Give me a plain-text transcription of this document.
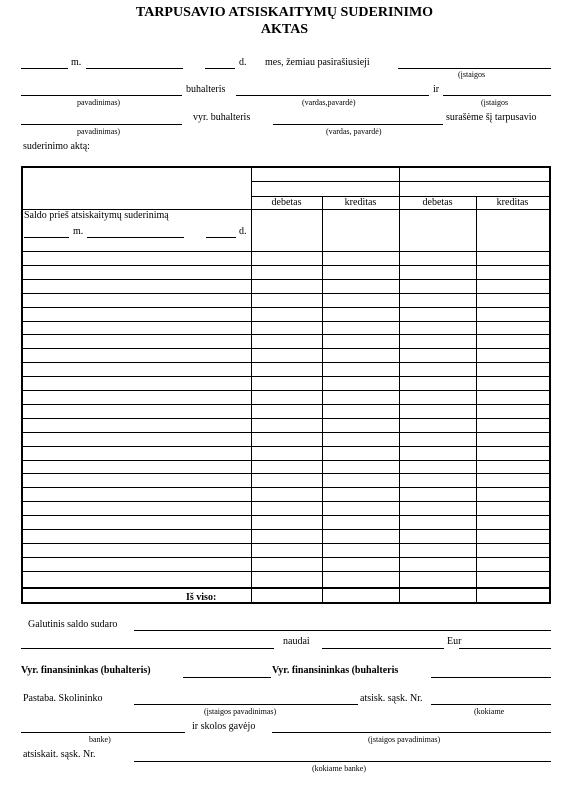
TARPUSAVIO ATSISKAITYMŲ SUDERINIMO
AKTAS
m.	d. mes, žemiau pasirašiusieji
(įstaigos
buhalteris	ir
pavadinimas)	(vardas,pavardė)	(įstaigos
vyr. buhalteris	surašėme šį tarpusavio
pavadinimas)	(vardas, pavardė)
suderinimo aktą:
debetas	kreditas	debetas	kreditas
Saldo prieš atsiskaitymų suderinimą
m.	d.
Galutinis saldo sudaro
naudai	Eur
Vyr. finansininkas (buhalteris)	Vyr. finansininkas (buhalteris
Pastaba. Skolininko	atsisk. sąsk. Nr.
(įstaigos pavadinimas)	(kokiame
ir skolos gavėjo
banke)	(įstaigos pavadinimas)
atsiskait. sąsk. Nr.
(kokiame banke)
Iš viso:
